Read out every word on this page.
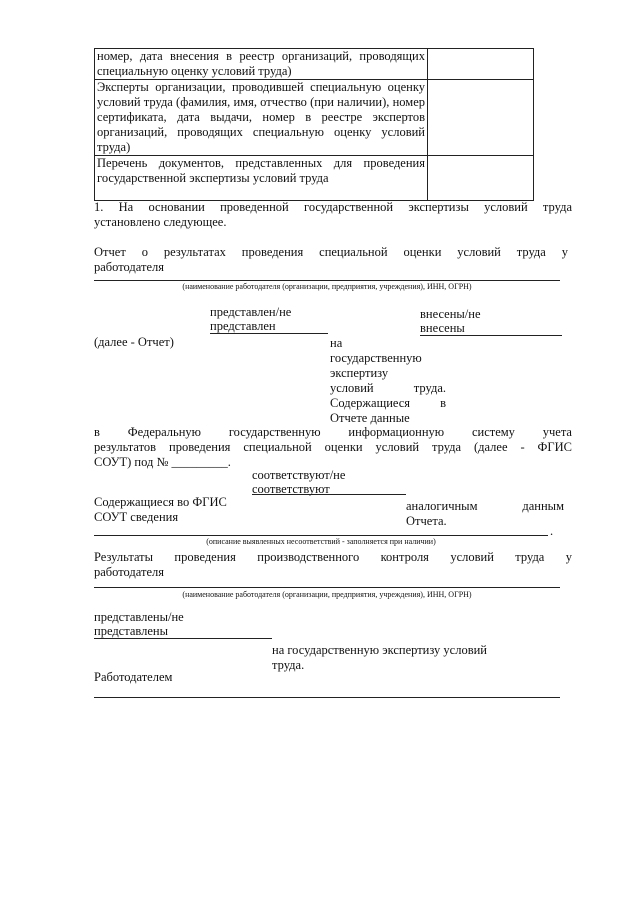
номер, дата внесения в реестр организаций, проводящих специальную оценку условий труда)	
Эксперты организации, проводившей специальную оценку условий труда (фамилия, имя, отчество (при наличии), номер сертификата, дата выдачи, номер в реестре экспертов организаций, проводящих специальную оценку условий труда)	
Перечень документов, представленных для проведения государственной экспертизы условий труда	
1. На основании проведенной государственной экспертизы условий труда
установлено следующее.
Отчет о результатах проведения специальной оценки условий труда у
работодателя
(наименование работодателя (организации, предприятия, учреждения), ИНН, ОГРН)
представлен/не
представлен
внесены/не
внесены
(далее - Отчет)	на
государственную
экспертизу
условий труда.
Содержащиеся в
Отчете данные
в Федеральную государственную информационную систему учета
результатов проведения специальной оценки условий труда (далее - ФГИС
СОУТ) под № _________.
соответствуют/не
соответствуют
Содержащиеся во ФГИС
СОУТ сведения
аналогичным данным
Отчета.
.
(описание выявленных несоответствий - заполняется при наличии)
Результаты проведения производственного контроля условий труда у
работодателя
(наименование работодателя (организации, предприятия, учреждения), ИНН, ОГРН)
представлены/не
представлены
на государственную экспертизу условий
труда.
Работодателем
